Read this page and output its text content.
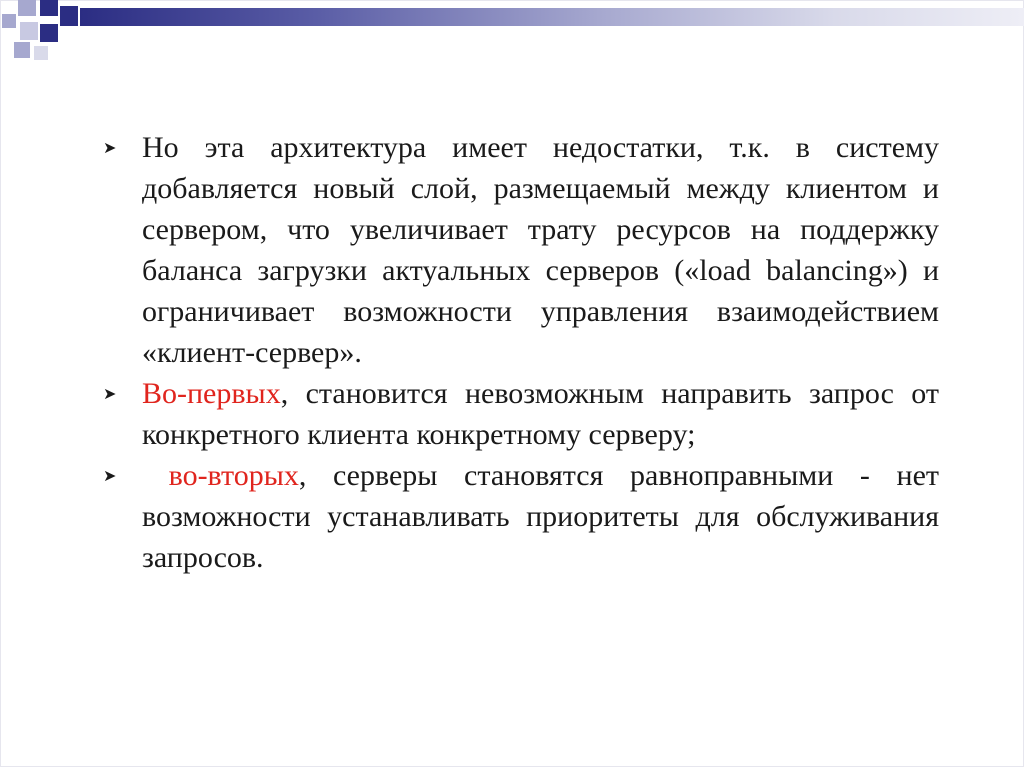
➤ Но эта архитектура имеет недостатки, т.к. в систему добавляется новый слой, размещаемый между клиентом и сервером, что увеличивает трату ресурсов на поддержку баланса загрузки актуальных серверов («load balancing») и ограничивает возможности управления взаимодействием «клиент-сервер».

➤ Во-первых, становится невозможным направить запрос от конкретного клиента конкретному серверу;

➤ во-вторых, серверы становятся равноправными - нет возможности устанавливать приоритеты для обслуживания запросов.
